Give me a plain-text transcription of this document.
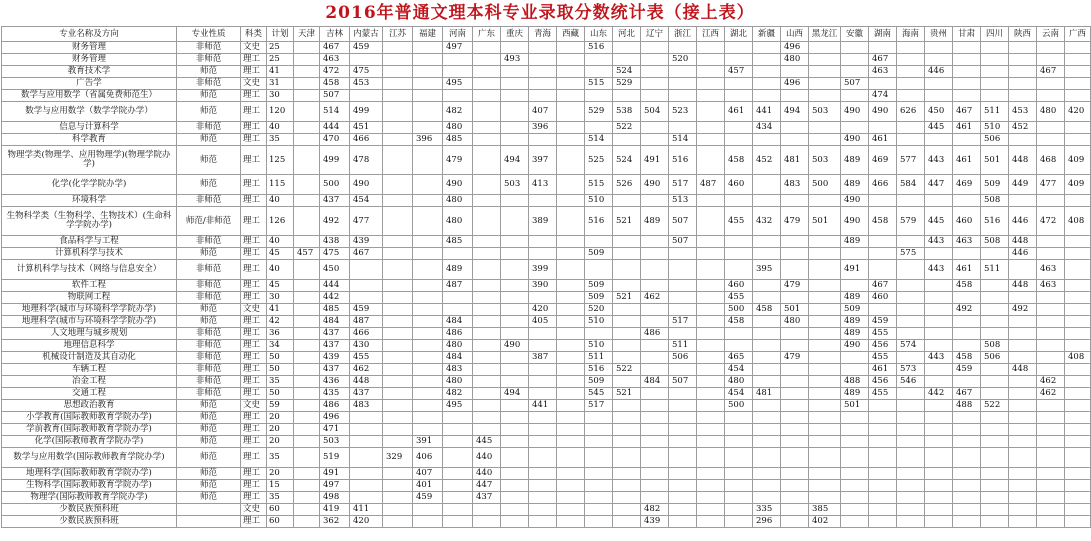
2016年普通文理本科专业录取分数统计表（接上表）
专业名称及方向	专业性质	科类	计划	天津	吉林	内蒙古	江苏	福建	河南	广东	重庆	青海	西藏	山东	河北	辽宁	浙江	江西	湖北	新疆	山西	黑龙江	安徽	湖南	海南	贵州	甘肃	四川	陕西	云南	广西
财务管理	非师范	文史	25		467	459			497					516							496										
财务管理	非师范	理工	25		463						493						520				480			467							
教育技术学	师范	理工	41		472	475									524				457					463		446				467	
广告学	非师范	文史	31		458	453			495					515	529						496		507								
数学与应用数学（省属免费师范生）	师范	理工	30		507																			474							
数学与应用数学（数学学院办学）	师范	理工	120		514	499			482			407		529	538	504	523		461	441	494	503	490	490	626	450	467	511	453	480	420
信息与计算科学	非师范	理工	40		444	451			480			396			522					434						445	461	510	452		
科学教育	师范	理工	35		470	466		396	485					514			514						490	461				506			
物理学类(物理学、应用物理学)(物理学院办学)	师范	理工	125		499	478			479		494	397		525	524	491	516		458	452	481	503	489	469	577	443	461	501	448	468	409
化学(化学学院办学)	师范	理工	115		500	490			490		503	413		515	526	490	517	487	460		483	500	489	466	584	447	469	509	449	477	409
环境科学	非师范	理工	40		437	454			480					510			513						490					508			
生物科学类（生物科学、生物技术）(生命科学学院办学)	师范/非师范	理工	126		492	477			480			389		516	521	489	507		455	432	479	501	490	458	579	445	460	516	446	472	408
食品科学与工程	非师范	理工	40		438	439			485								507						489			443	463	508	448		
计算机科学与技术	师范	理工	45	457	475	467								509											575				446		
计算机科学与技术（网络与信息安全）	非师范	理工	40		450				489			399								395			491			443	461	511		463	
软件工程	非师范	理工	45		444				487			390		509					460		479			467			458		448	463	
物联网工程	非师范	理工	30		442									509	521	462			455				489	460							
地理科学(城市与环境科学学院办学)	师范	文史	41		485	459						420		520					500	458	501		509				492		492		
地理科学(城市与环境科学学院办学)	师范	理工	42		484	487			484			405		510			517		458		480		489	459							
人文地理与城乡规划	非师范	理工	36		437	466			486							486							489	455							
地理信息科学	非师范	理工	34		437	430			480		490			510			511						490	456	574			508			
机械设计制造及其自动化	非师范	理工	50		439	455			484			387		511			506		465		479			455		443	458	506			408
车辆工程	非师范	理工	50		437	462			483					516	522				454					461	573		459		448		
冶金工程	非师范	理工	35		436	448			480					509		484	507		480				488	456	546					462	
交通工程	非师范	理工	50		435	437			482		494			545	521				454	481			489	455		442	467			462	
思想政治教育	师范	文史	59		486	483			495			441		517					500				501				488	522			
小学教育(国际教师教育学院办学)	师范	理工	20		496																										
学前教育(国际教师教育学院办学)	师范	理工	20		471																										
化学(国际教师教育学院办学)	师范	理工	20		503			391		445																					
数学与应用数学(国际教师教育学院办学)	师范	理工	35		519		329	406		440																					
地理科学(国际教师教育学院办学)	师范	理工	20		491			407		440																					
生物科学(国际教师教育学院办学)	师范	理工	15		497			401		447																					
物理学(国际教师教育学院办学)	师范	理工	35		498			459		437																					
少数民族预科班		文史	60		419	411										482				335		385									
少数民族预科班		理工	60		362	420										439				296		402									
